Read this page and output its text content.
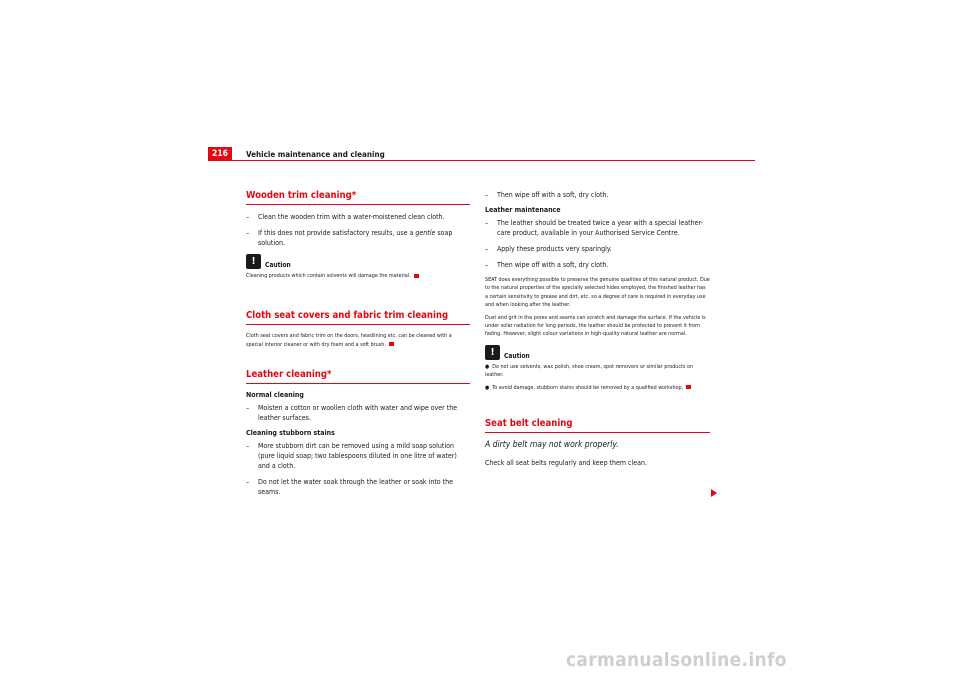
216	Vehicle maintenance and cleaning
Wooden trim cleaning*
– Clean the wooden trim with a water-moistened clean cloth.
– If this does not provide satisfactory results, use a gentle soap solution.
!	Caution
Cleaning products which contain solvents will damage the material.
Cloth seat covers and fabric trim cleaning
Cloth seat covers and fabric trim on the doors, headlining etc. can be cleaned with a special interior cleaner or with dry foam and a soft brush.
Leather cleaning*
Normal cleaning
– Moisten a cotton or woollen cloth with water and wipe over the leather surfaces.
Cleaning stubborn stains
– More stubborn dirt can be removed using a mild soap solution (pure liquid soap; two tablespoons diluted in one litre of water) and a cloth.
– Do not let the water soak through the leather or soak into the seams.
– Then wipe off with a soft, dry cloth.
Leather maintenance
– The leather should be treated twice a year with a special leather-care product, available in your Authorised Service Centre.
– Apply these products very sparingly.
– Then wipe off with a soft, dry cloth.
SEAT does everything possible to preserve the genuine qualities of this natural product. Due to the natural properties of the specially selected hides employed, the finished leather has a certain sensitivity to grease and dirt, etc. so a degree of care is required in everyday use and when looking after the leather.
Dust and grit in the pores and seams can scratch and damage the surface. If the vehicle is under solar radiation for long periods, the leather should be protected to prevent it from fading. However, slight colour variations in high-quality natural leather are normal.
!	Caution
● Do not use solvents, wax polish, shoe cream, spot removers or similar products on leather.
● To avoid damage, stubborn stains should be removed by a qualified workshop.
Seat belt cleaning
A dirty belt may not work properly.
Check all seat belts regularly and keep them clean.
carmanualsonline.info
